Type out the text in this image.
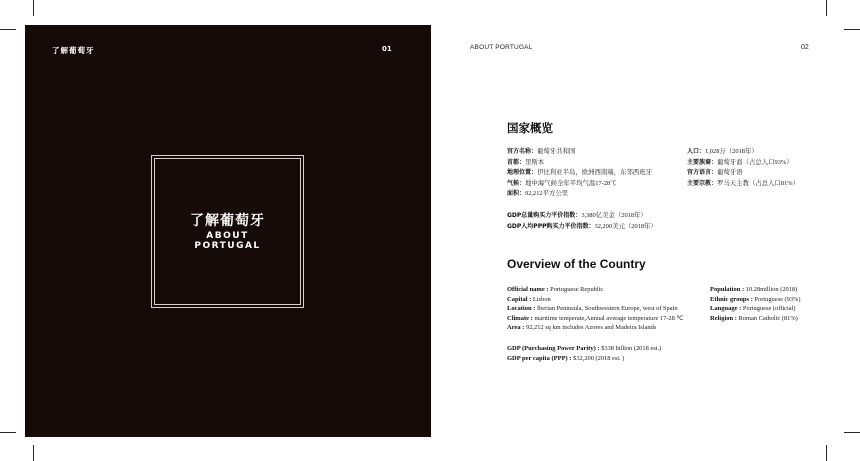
了解葡萄牙	01
了解葡萄牙
ABOUT
PORTUGAL
ABOUT PORTUGAL	02
国家概览
官方名称：葡萄牙共和国
首都：里斯本
地理位置：伊比利亚半岛，欧洲西南端，东邻西班牙
气候：地中海气候全年平均气温17-28℃
面积：92,212平方公里
人口：1,028万（2018年）
主要族裔：葡萄牙裔（占总人口93%）
官方语言：葡萄牙语
主要宗教：罗马天主教（占总人口81%）
GDP总量购买力平价指数：3,380亿美金（2018年）
GDP人均PPP购买力平价指数：32,200美元（2018年）
Overview of the Country
Official name : Portuguese Republic
Capital : Lisbon
Location : Iberian Peninsula, Southwestern Europe, west of Spain
Climate : maritime temperate,Annual average temperature 17-28 ℃
Area : 92,212 sq km includes Azores and Madeira Islands
Population : 10.28million (2018)
Ethnic groups : Portuguese (93%)
Language : Portuguese (official)
Religion : Roman Catholic (81%)
GDP (Purchasing Power Parity) : $338 billion (2018 est.)
GDP per capita (PPP) : $32,200 (2018 est. )
